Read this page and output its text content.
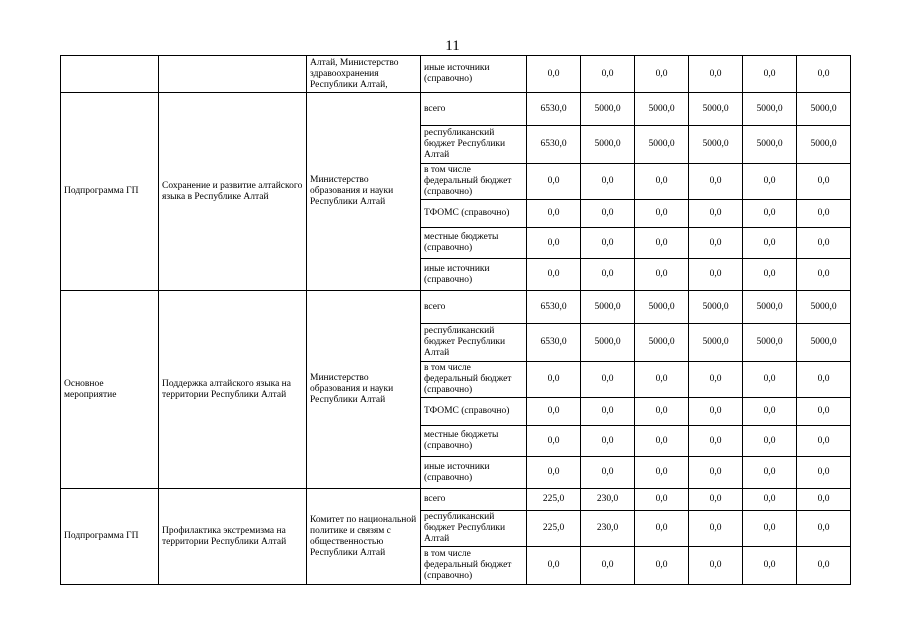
11
		Алтай, Министерство здравоохранения Республики Алтай,	иные источники (справочно)	0,0	0,0	0,0	0,0	0,0	0,0
Подпрограмма ГП	Сохранение и развитие алтайского языка в Республике Алтай	Министерство образования и науки Республики Алтай	всего	6530,0	5000,0	5000,0	5000,0	5000,0	5000,0
			республиканский бюджет Республики Алтай	6530,0	5000,0	5000,0	5000,0	5000,0	5000,0
			в том числе федеральный бюджет (справочно)	0,0	0,0	0,0	0,0	0,0	0,0
			ТФОМС (справочно)	0,0	0,0	0,0	0,0	0,0	0,0
			местные бюджеты (справочно)	0,0	0,0	0,0	0,0	0,0	0,0
			иные источники (справочно)	0,0	0,0	0,0	0,0	0,0	0,0
Основное мероприятие	Поддержка алтайского языка на территории Республики Алтай	Министерство образования и науки Республики Алтай	всего	6530,0	5000,0	5000,0	5000,0	5000,0	5000,0
			республиканский бюджет Республики Алтай	6530,0	5000,0	5000,0	5000,0	5000,0	5000,0
			в том числе федеральный бюджет (справочно)	0,0	0,0	0,0	0,0	0,0	0,0
			ТФОМС (справочно)	0,0	0,0	0,0	0,0	0,0	0,0
			местные бюджеты (справочно)	0,0	0,0	0,0	0,0	0,0	0,0
			иные источники (справочно)	0,0	0,0	0,0	0,0	0,0	0,0
Подпрограмма ГП	Профилактика экстремизма на территории Республики Алтай	Комитет по национальной политике и связям с общественностью Республики Алтай	всего	225,0	230,0	0,0	0,0	0,0	0,0
			республиканский бюджет Республики Алтай	225,0	230,0	0,0	0,0	0,0	0,0
			в том числе федеральный бюджет (справочно)	0,0	0,0	0,0	0,0	0,0	0,0
